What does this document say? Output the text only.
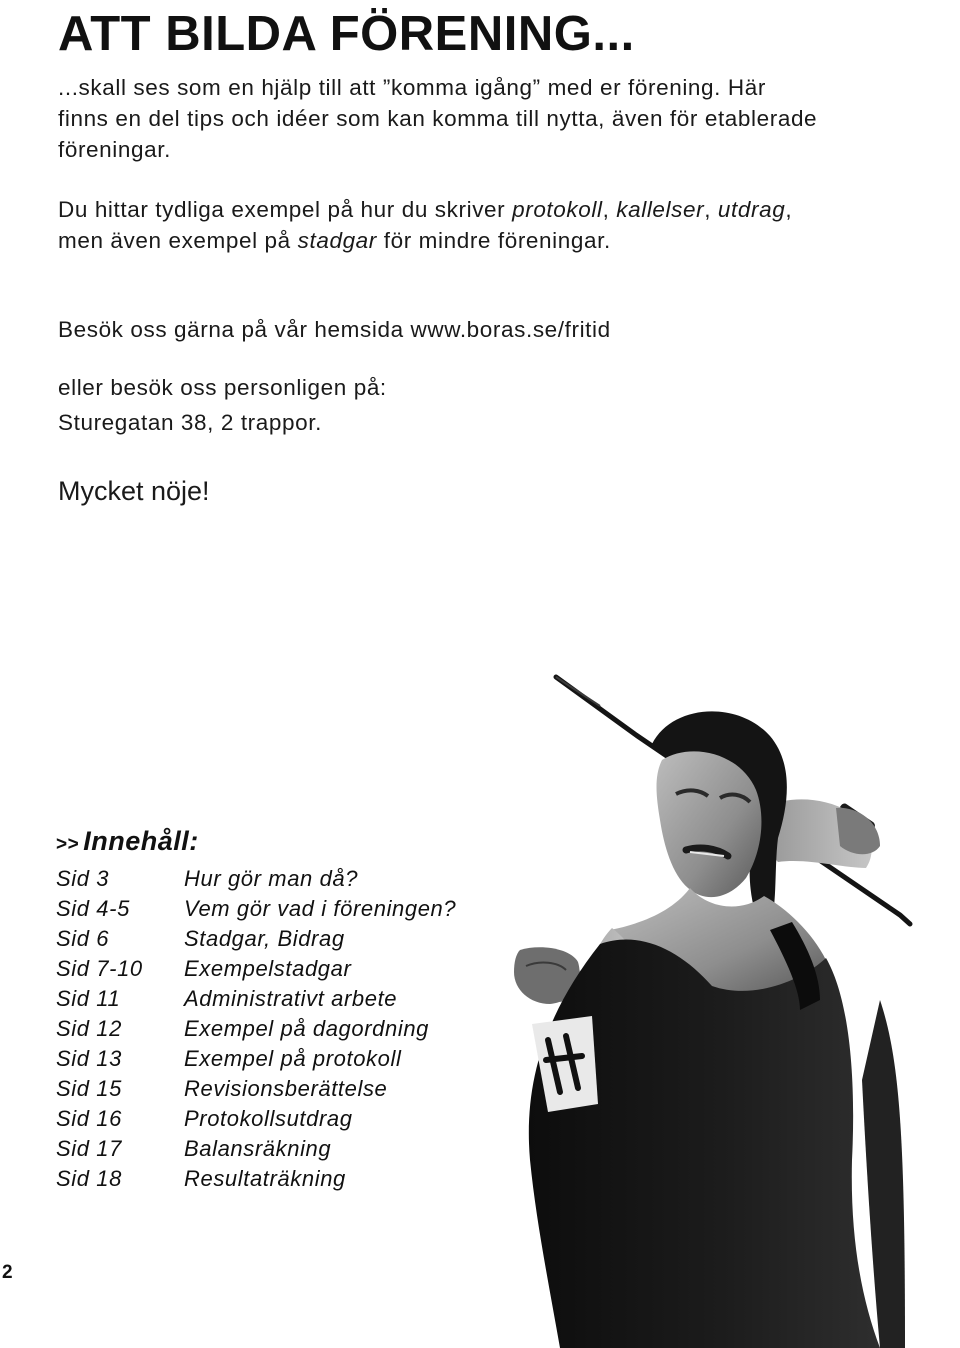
ATT BILDA FÖRENING...

...skall ses som en hjälp till att ”komma igång” med er förening. Här finns en del tips och idéer som kan komma till nytta, även för etablerade föreningar.

Du hittar tydliga exempel på hur du skriver protokoll, kallelser, utdrag, men även exempel på stadgar för mindre föreningar.

Besök oss gärna på vår hemsida www.boras.se/fritid

eller besök oss personligen på:

Sturegatan 38, 2 trappor.

Mycket nöje!

>> Innehåll:
Sid 3	Hur gör man då?
Sid 4-5 Vem gör vad i föreningen?
Sid 6	Stadgar, Bidrag
Sid 7-10 Exempelstadgar
Sid 11	Administrativt arbete
Sid 12	Exempel på dagordning
Sid 13	Exempel på protokoll
Sid 15	Revisionsberättelse
Sid 16	Protokollsutdrag
Sid 17	Balansräkning
Sid 18	Resultaträkning
2
